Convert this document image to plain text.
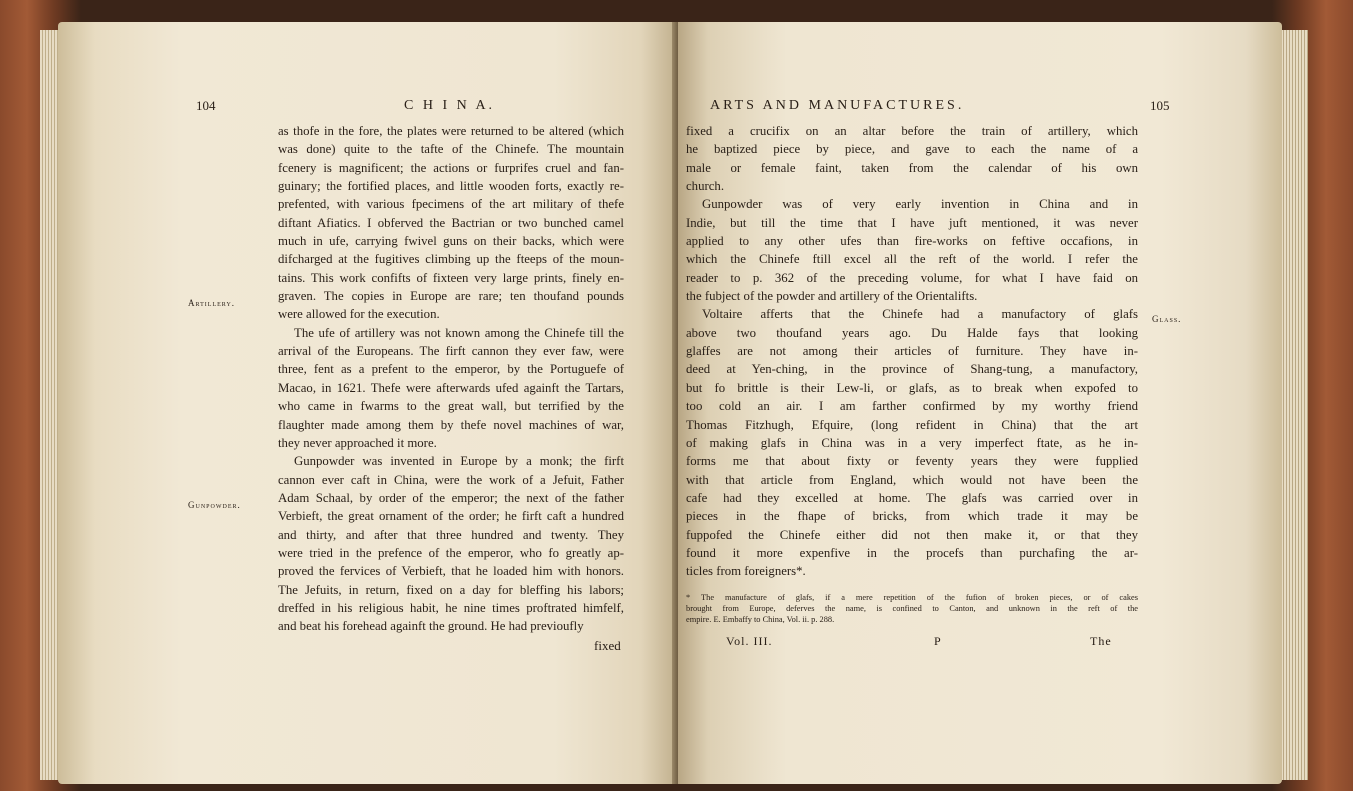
104	C H I N A.
Artillery.
Gunpowder.
as thofe in the fore, the plates were returned to be altered (which
was done) quite to the tafte of the Chinefe. The mountain
fcenery is magnificent; the actions or furprifes cruel and fan-
guinary; the fortified places, and little wooden forts, exactly re-
prefented, with various fpecimens of the art military of thefe
diftant Afiatics. I obferved the Bactrian or two bunched camel
much in ufe, carrying fwivel guns on their backs, which were
difcharged at the fugitives climbing up the fteeps of the moun-
tains. This work confifts of fixteen very large prints, finely en-
graven. The copies in Europe are rare; ten thoufand pounds
were allowed for the execution.
The ufe of artillery was not known among the Chinefe till the
arrival of the Europeans. The firft cannon they ever faw, were
three, fent as a prefent to the emperor, by the Portuguefe of
Macao, in 1621. Thefe were afterwards ufed againft the Tartars,
who came in fwarms to the great wall, but terrified by the
flaughter made among them by thefe novel machines of war,
they never approached it more.
Gunpowder was invented in Europe by a monk; the firft
cannon ever caft in China, were the work of a Jefuit, Father
Adam Schaal, by order of the emperor; the next of the father
Verbieft, the great ornament of the order; he firft caft a hundred
and thirty, and after that three hundred and twenty. They
were tried in the prefence of the emperor, who fo greatly ap-
proved the fervices of Verbieft, that he loaded him with honors.
The Jefuits, in return, fixed on a day for bleffing his labors;
dreffed in his religious habit, he nine times proftrated himfelf,
and beat his forehead againft the ground. He had previoufly
fixed
ARTS AND MANUFACTURES.	105
Glass.
fixed a crucifix on an altar before the train of artillery, which
he baptized piece by piece, and gave to each the name of a
male or female faint, taken from the calendar of his own
church.
Gunpowder was of very early invention in China and in
Indie, but till the time that I have juft mentioned, it was never
applied to any other ufes than fire-works on feftive occafions, in
which the Chinefe ftill excel all the reft of the world. I refer the
reader to p. 362 of the preceding volume, for what I have faid on
the fubject of the powder and artillery of the Orientalifts.
Voltaire afferts that the Chinefe had a manufactory of glafs
above two thoufand years ago. Du Halde fays that looking
glaffes are not among their articles of furniture. They have in-
deed at Yen-ching, in the province of Shang-tung, a manufactory,
but fo brittle is their Lew-li, or glafs, as to break when expofed to
too cold an air. I am farther confirmed by my worthy friend
Thomas Fitzhugh, Efquire, (long refident in China) that the art
of making glafs in China was in a very imperfect ftate, as he in-
forms me that about fixty or feventy years they were fupplied
with that article from England, which would not have been the
cafe had they excelled at home. The glafs was carried over in
pieces in the fhape of bricks, from which trade it may be
fuppofed the Chinefe either did not then make it, or that they
found it more expenfive in the procefs than purchafing the ar-
ticles from foreigners*.
* The manufacture of glafs, if a mere repetition of the fufion of broken pieces, or of cakes
brought from Europe, deferves the name, is confined to Canton, and unknown in the reft of the
empire. E. Embaffy to China, Vol. ii. p. 288.
Vol. III.	P	The
